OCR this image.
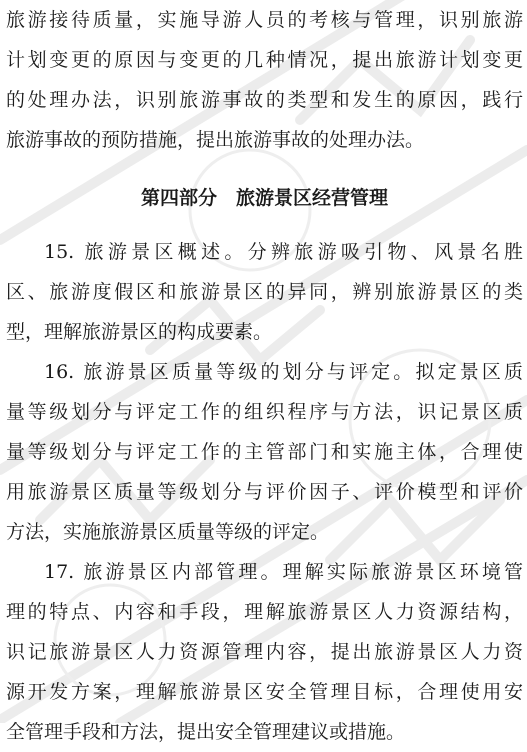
旅游接待质量，实施导游人员的考核与管理，识别旅游
计划变更的原因与变更的几种情况，提出旅游计划变更
的处理办法，识别旅游事故的类型和发生的原因，践行
旅游事故的预防措施，提出旅游事故的处理办法。
第四部分　旅游景区经营管理
15. 旅游景区概述。分辨旅游吸引物、风景名胜
区、旅游度假区和旅游景区的异同，辨别旅游景区的类
型，理解旅游景区的构成要素。
16. 旅游景区质量等级的划分与评定。拟定景区质
量等级划分与评定工作的组织程序与方法，识记景区质
量等级划分与评定工作的主管部门和实施主体，合理使
用旅游景区质量等级划分与评价因子、评价模型和评价
方法，实施旅游景区质量等级的评定。
17. 旅游景区内部管理。理解实际旅游景区环境管
理的特点、内容和手段，理解旅游景区人力资源结构，
识记旅游景区人力资源管理内容，提出旅游景区人力资
源开发方案，理解旅游景区安全管理目标，合理使用安
全管理手段和方法，提出安全管理建议或措施。
